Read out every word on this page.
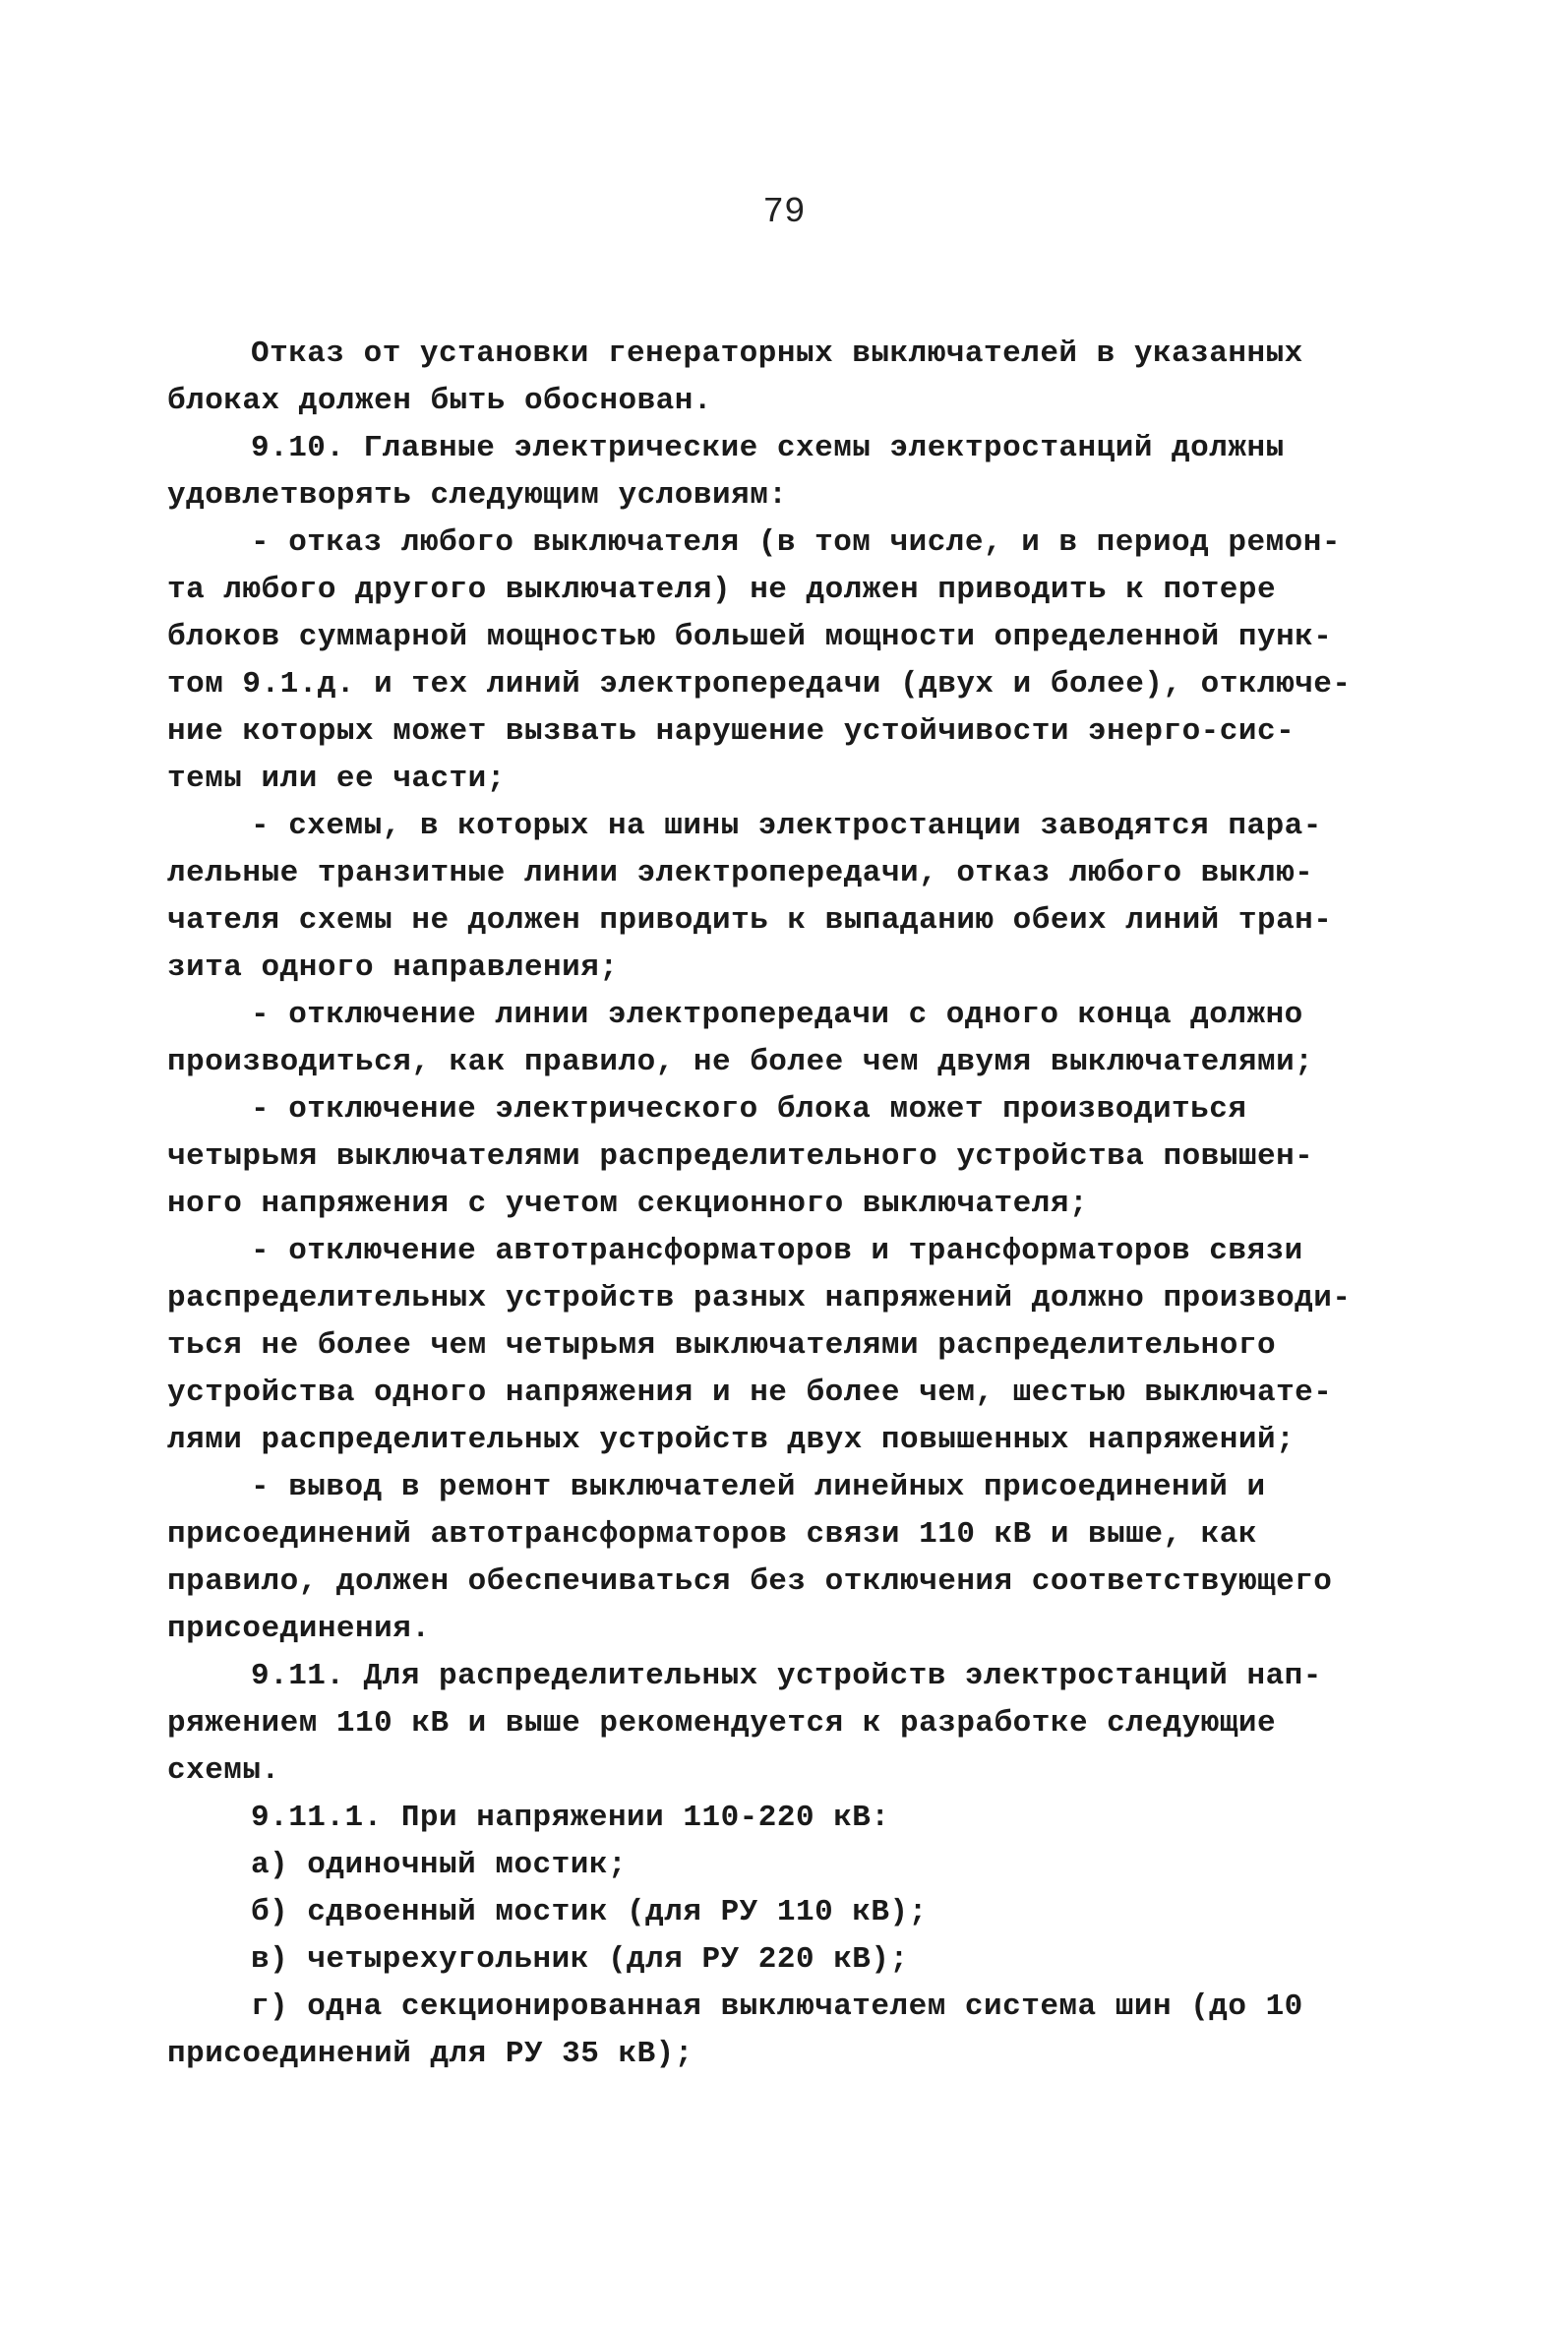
79
Отказ от установки генераторных выключателей в указанных
блоках должен быть обоснован.
9.10. Главные электрические схемы электростанций должны
удовлетворять следующим условиям:
- отказ любого выключателя (в том числе, и в период ремон-
та любого другого выключателя) не должен приводить к потере
блоков суммарной мощностью большей мощности определенной пунк-
том 9.1.д. и тех линий электропередачи (двух и более), отключе-
ние которых может вызвать нарушение устойчивости энерго-сис-
темы или ее части;
- схемы, в которых на шины электростанции заводятся пара-
лельные транзитные линии электропередачи, отказ любого выклю-
чателя схемы не должен приводить к выпаданию обеих линий тран-
зита одного направления;
- отключение линии электропередачи с одного конца должно
производиться, как правило, не более чем двумя выключателями;
- отключение электрического блока может производиться
четырьмя выключателями распределительного устройства повышен-
ного напряжения с учетом секционного выключателя;
- отключение автотрансформаторов и трансформаторов связи
распределительных устройств разных напряжений должно производи-
ться не более чем четырьмя выключателями распределительного
устройства одного напряжения и не более чем, шестью выключате-
лями распределительных устройств двух повышенных напряжений;
- вывод в ремонт выключателей линейных присоединений и
присоединений автотрансформаторов связи 110 кВ и выше, как
правило, должен обеспечиваться без отключения соответствующего
присоединения.
9.11. Для распределительных устройств электростанций нап-
ряжением 110 кВ и выше рекомендуется к разработке следующие
схемы.
9.11.1. При напряжении 110-220 кВ:
а) одиночный мостик;
б) сдвоенный мостик (для РУ 110 кВ);
в) четырехугольник (для РУ 220 кВ);
г) одна секционированная выключателем система шин (до 10
присоединений для РУ 35 кВ);
